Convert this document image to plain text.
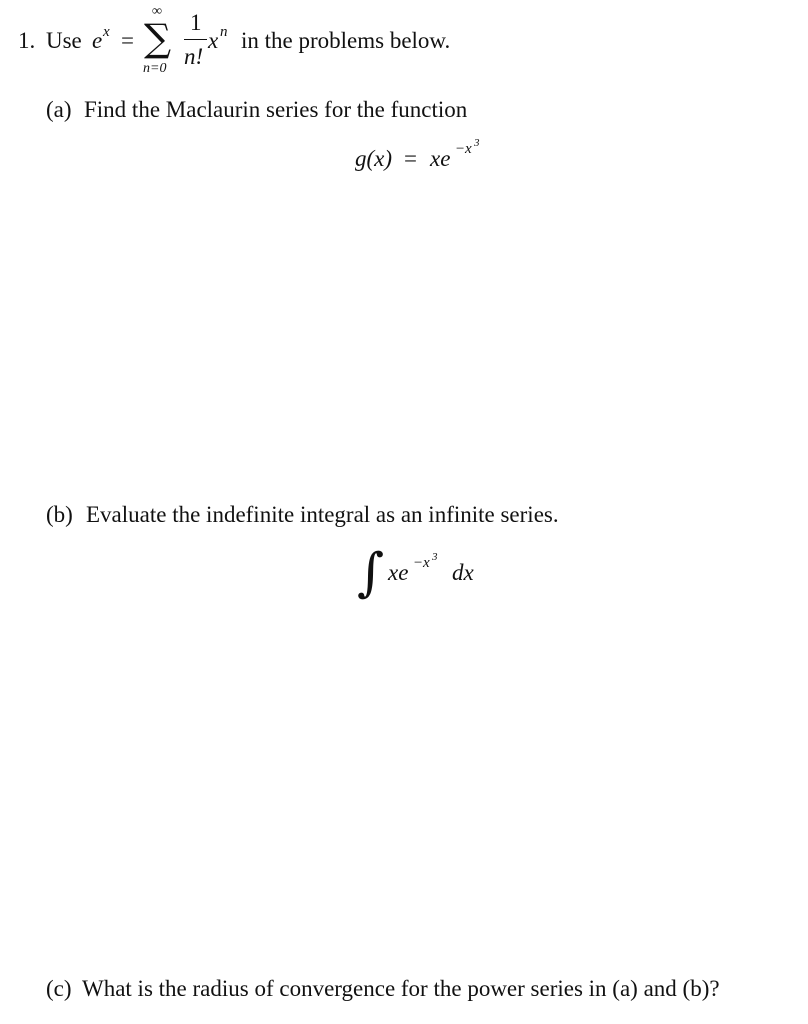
1. Use e x =
∞
∑
n=0
1
n!
x n in the problems below.
(a) Find the Maclaurin series for the function
g(x) = xe − x 3
(b) Evaluate the indefinite integral as an infinite series.
∫ xe − x 3
dx
(c) What is the radius of convergence for the power series in (a) and (b)?
